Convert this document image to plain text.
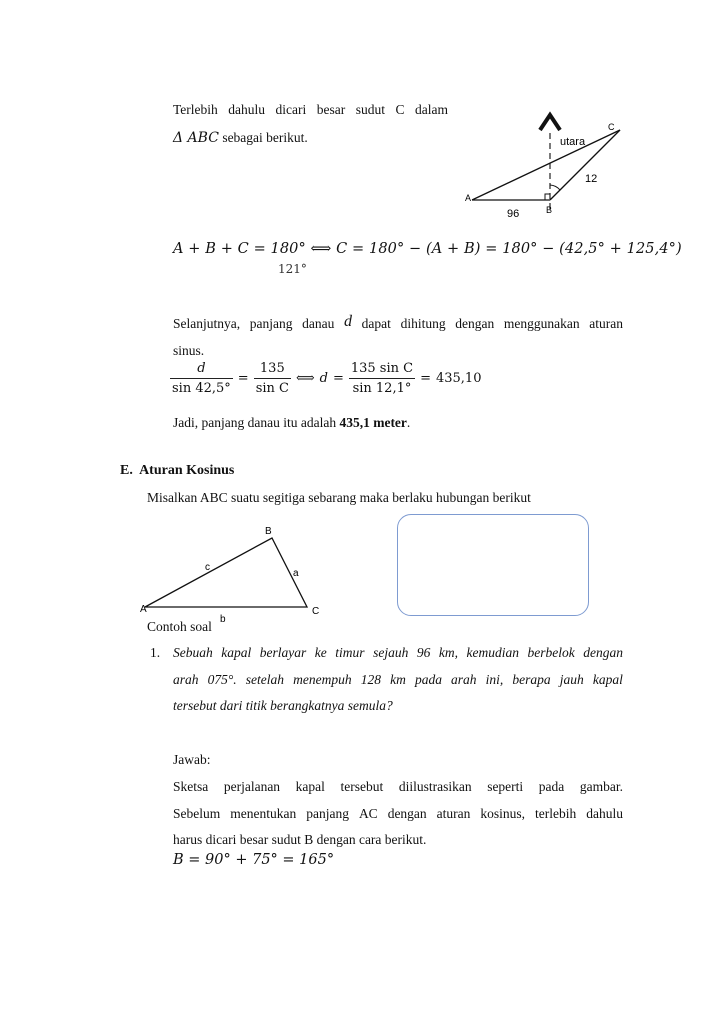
Terlebih dahulu dicari besar sudut C dalam
Δ ABC sebagai berikut.	utara
12
96
A
B
C
A + B + C = 180° ⟺ C = 180° − (A + B) = 180° − (42,5° + 125,4°)
121°
Selanjutnya, panjang danau d dapat dihitung dengan menggunakan aturan
sinus.
$\frac{d}{\sin 42,5^\circ} = \frac{135}{\text{sin C}}$ ⟺ $d = \frac{\text{135 sin C}}{\sin 12,1^\circ} = 435,10$
Jadi, panjang danau itu adalah 435,1 meter.
E.  Aturan Kosinus
Misalkan ABC suatu segitiga sebarang maka berlaku hubungan berikut
A
B
C
a
b
c
Contoh soal
1. Sebuah kapal berlayar ke timur sejauh 96 km, kemudian berbelok dengan
arah 075°. setelah menempuh 128 km pada arah ini, berapa jauh kapal
tersebut dari titik berangkatnya semula?
Jawab:
Sketsa perjalanan kapal tersebut diilustrasikan seperti pada gambar.
Sebelum menentukan panjang AC dengan aturan kosinus, terlebih dahulu
harus dicari besar sudut B dengan cara berikut.
B = 90° + 75° = 165°
